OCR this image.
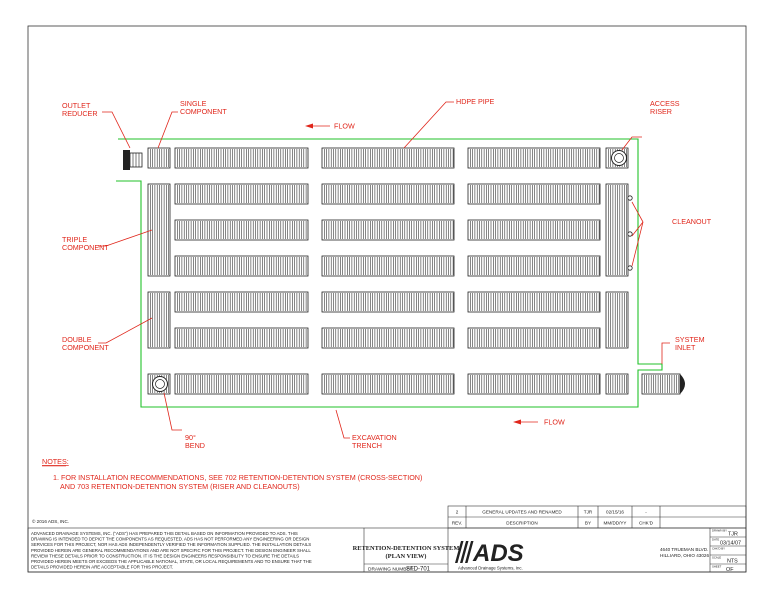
FLOW
FLOW
OUTLET REDUCER
SINGLE COMPONENT
HDPE PIPE	ACCESS RISER
CLEANOUT
TRIPLE COMPONENT
DOUBLE COMPONENT
SYSTEM INLET
90° BEND
EXCAVATION TRENCH
NOTES:
1. FOR INSTALLATION RECOMMENDATIONS, SEE 702 RETENTION-DETENTION SYSTEM (CROSS-SECTION)
AND 703 RETENTION-DETENTION SYSTEM (RISER AND CLEANOUTS)
© 2016 ADS, INC.
ADVANCED DRAINAGE SYSTEMS, INC. ("ADS") HAS PREPARED THIS DETAIL BASED ON INFORMATION PROVIDED TO ADS. THIS
DRAWING IS INTENDED TO DEPICT THE COMPONENTS AS REQUESTED. ADS HAS NOT PERFORMED ANY ENGINEERING OR DESIGN
SERVICES FOR THIS PROJECT, NOR HAS ADS INDEPENDENTLY VERIFIED THE INFORMATION SUPPLIED. THE INSTALLATION DETAILS
PROVIDED HEREIN ARE GENERAL RECOMMENDATIONS AND ARE NOT SPECIFIC FOR THIS PROJECT. THE DESIGN ENGINEER SHALL
REVIEW THESE DETAILS PRIOR TO CONSTRUCTION. IT IS THE DESIGN ENGINEERS RESPONSIBILITY TO ENSURE THE DETAILS
PROVIDED HEREIN MEETS OR EXCEEDS THE APPLICABLE NATIONAL, STATE, OR LOCAL REQUIREMENTS AND TO ENSURE THAT THE
DETAILS PROVIDED HEREIN ARE ACCEPTABLE FOR THIS PROJECT.
2	GENERAL UPDATES AND RENAMED	TJR	02/15/16	-
REV.	DESCRIPTION	BY	MM/DD/YY	CHK'D
RETENTION-DETENTION SYSTEM
(PLAN VIEW)
DRAWING NUMBER:
STD-701
ADS
Advanced Drainage Systems, Inc.
4640 TRUEMAN BLVD.
HILLIARD, OHIO 43026
DRAWN BY
TJR
DATE
03/14/07
CHK'D BY
SCALE
NTS
SHEET
OF
